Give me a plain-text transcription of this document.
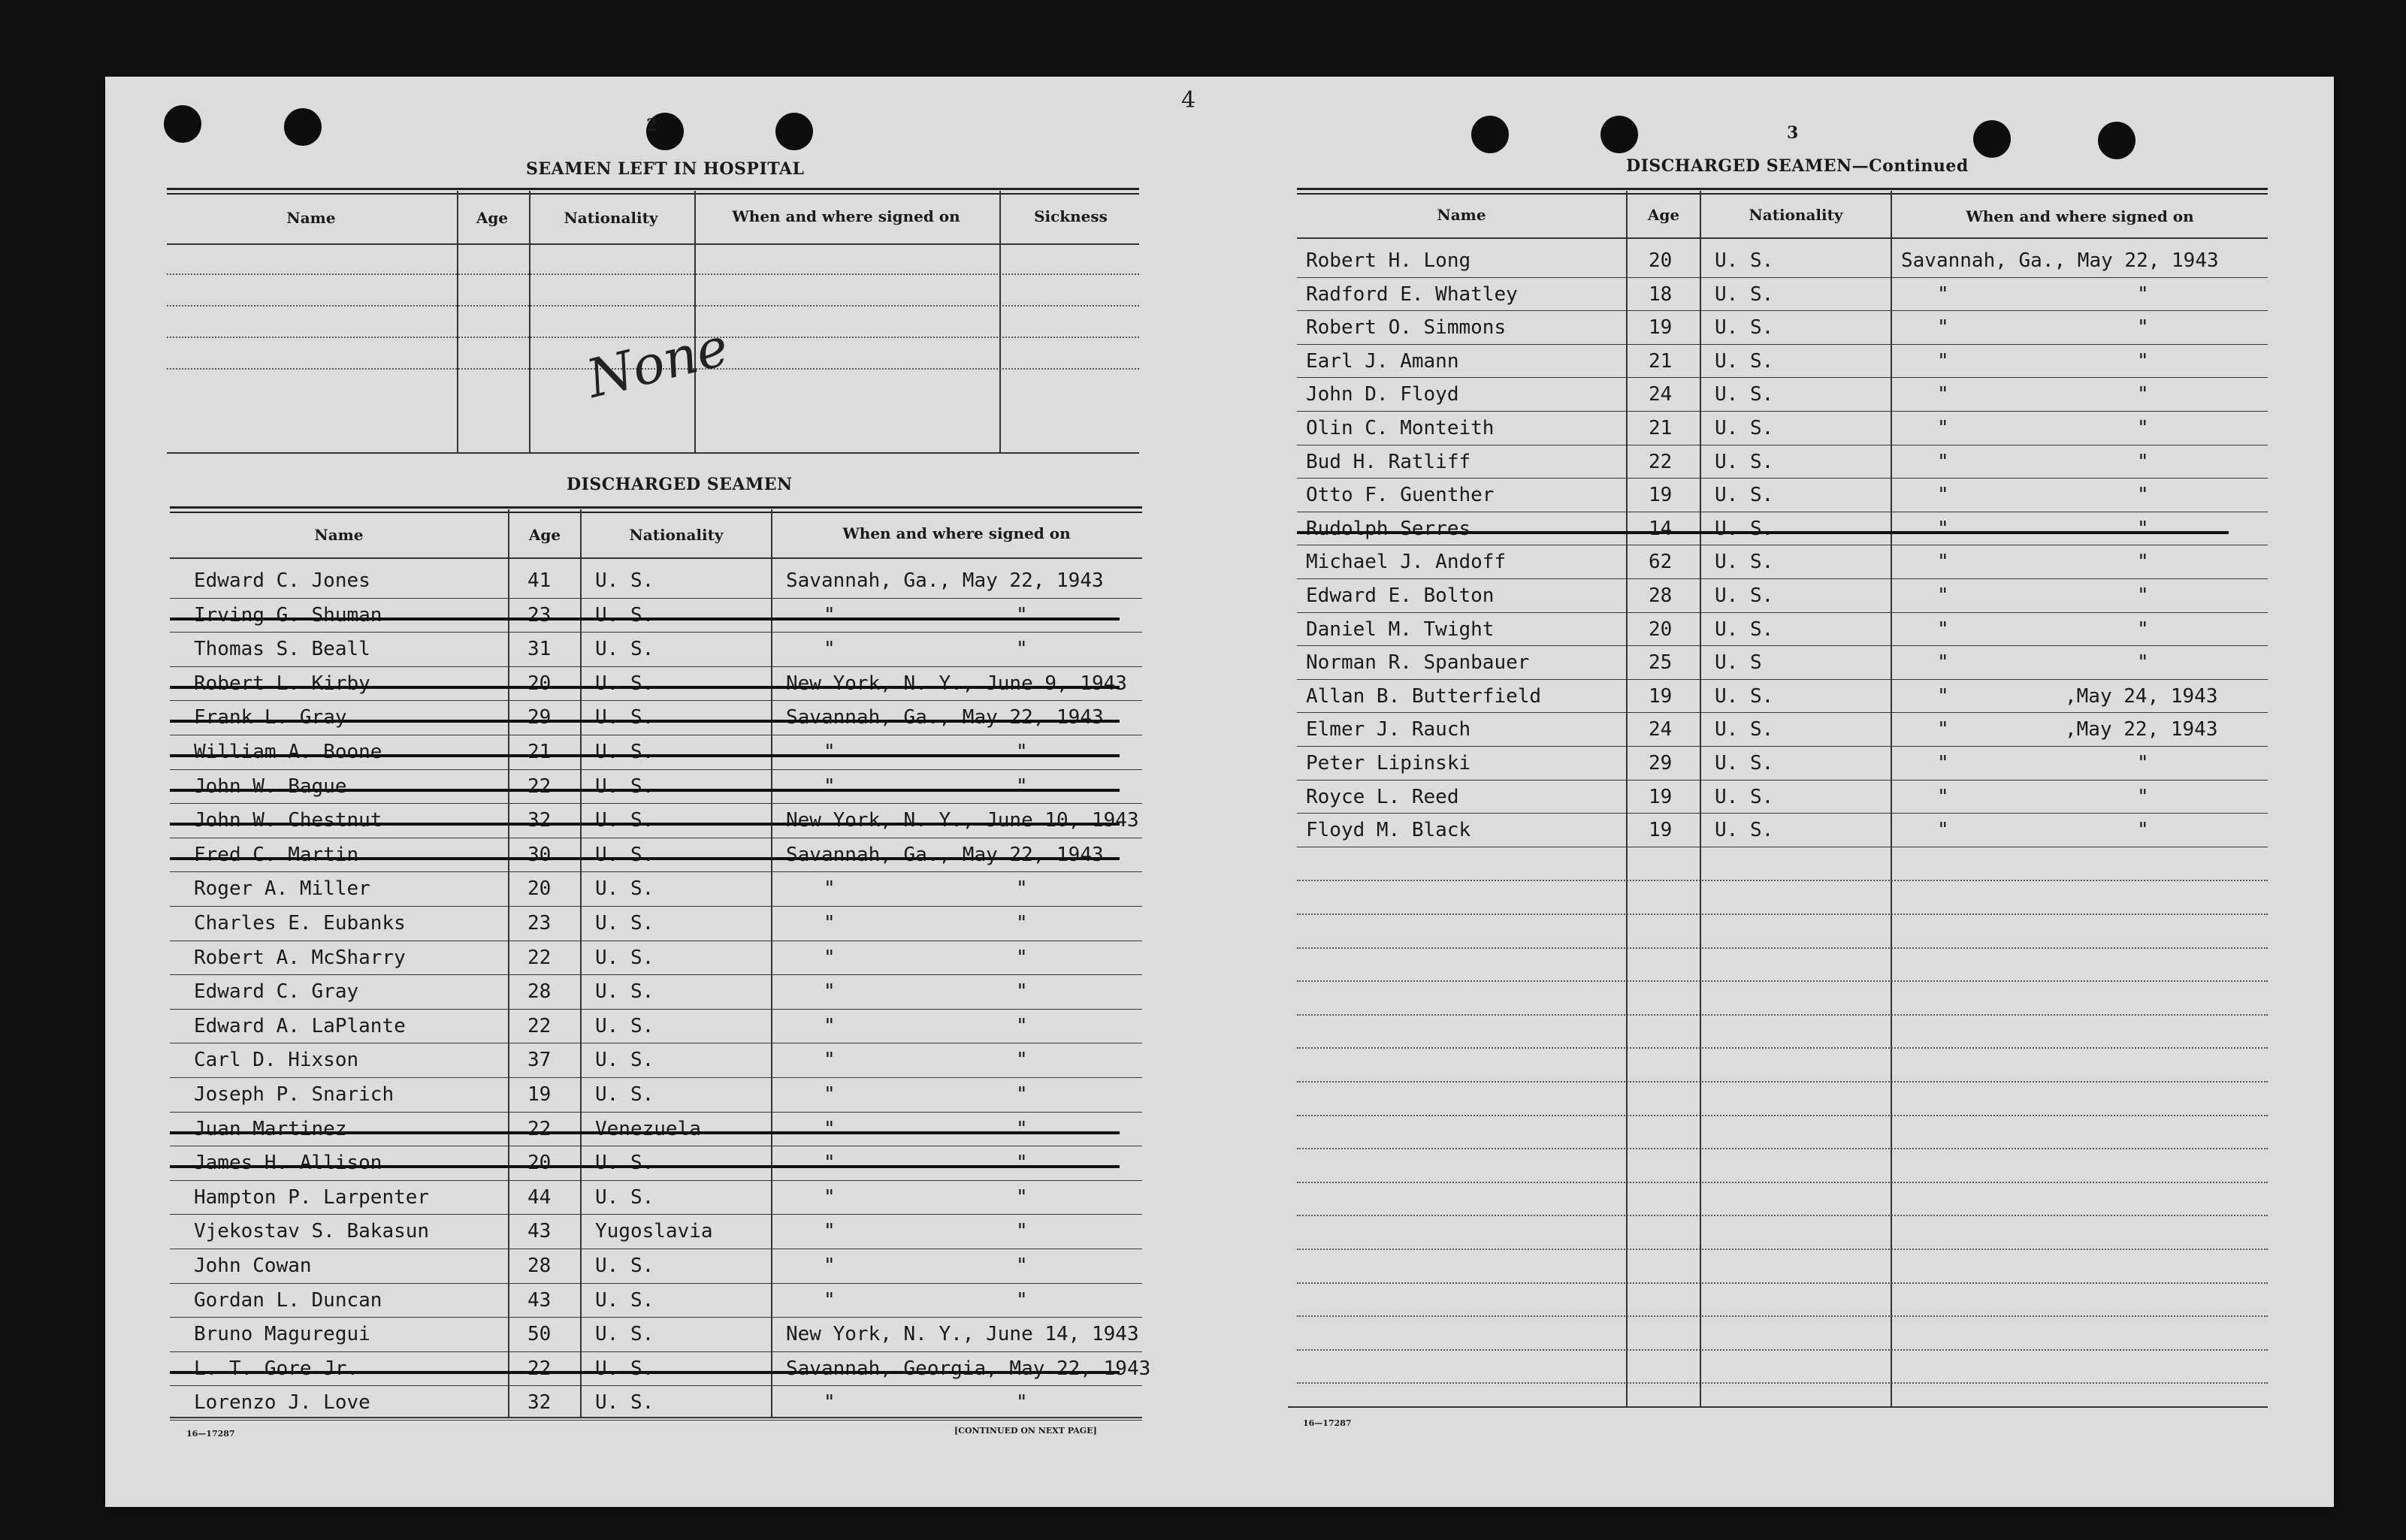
2
SEAMEN LEFT IN HOSPITAL
Name	Age	Nationality	When and where signed on	Sickness
None
DISCHARGED SEAMEN
Name	Age	Nationality	When and where signed on
16—17287	[CONTINUED ON NEXT PAGE]
4
3
DISCHARGED SEAMEN—Continued
Name	Age	Nationality	When and where signed on
16—17287
Edward C. Jones	41 U. S.	Savannah, Ga., May 22, 1943
Irving G. Shuman	23 U. S.	"	"
Thomas S. Beall	31 U. S.	"	"
Robert L. Kirby	20 U. S.	New York, N. Y., June 9, 1943
Frank L. Gray	29 U. S.	Savannah, Ga., May 22, 1943
William A. Boone	21 U. S.	"	"
John W. Bague	22 U. S.	"	"
John W. Chestnut	32 U. S.	New York, N. Y., June 10, 1943
Fred C. Martin	30 U. S.	Savannah, Ga., May 22, 1943
Roger A. Miller	20 U. S.	"	"
Charles E. Eubanks	23 U. S.	"	"
Robert A. McSharry	22 U. S.	"	"
Edward C. Gray	28 U. S.	"	"
Edward A. LaPlante	22 U. S.	"	"
Carl D. Hixson	37 U. S.	"	"
Joseph P. Snarich	19 U. S.	"	"
Juan Martinez	22 Venezuela	"	"
James H. Allison	20 U. S.	"	"
Hampton P. Larpenter	44 U. S.	"	"
Vjekostav S. Bakasun	43 Yugoslavia	"	"
John Cowan	28 U. S.	"	"
Gordan L. Duncan	43 U. S.	"	"
Bruno Maguregui	50 U. S.	New York, N. Y., June 14, 1943
L. T. Gore Jr.	22 U. S.	Savannah, Georgia, May 22, 1943
Lorenzo J. Love	32 U. S.	"	"
Robert H. Long	20 U. S.	Savannah, Ga., May 22, 1943
Radford E. Whatley	18 U. S.	"	"
Robert O. Simmons	19 U. S.	"	"
Earl J. Amann	21 U. S.	"	"
John D. Floyd	24 U. S.	"	"
Olin C. Monteith	21 U. S.	"	"
Bud H. Ratliff	22 U. S.	"	"
Otto F. Guenther	19 U. S.	"	"
Rudolph Serres	14 U. S.	"	"
Michael J. Andoff	62 U. S.	"	"
Edward E. Bolton	28 U. S.	"	"
Daniel M. Twight	20 U. S.	"	"
Norman R. Spanbauer	25 U. S	"	"
Allan B. Butterfield	19 U. S.	"	,May 24, 1943
Elmer J. Rauch	24 U. S.	"	,May 22, 1943
Peter Lipinski	29 U. S.	"	"
Royce L. Reed	19 U. S.	"	"
Floyd M. Black	19 U. S.	"	"
